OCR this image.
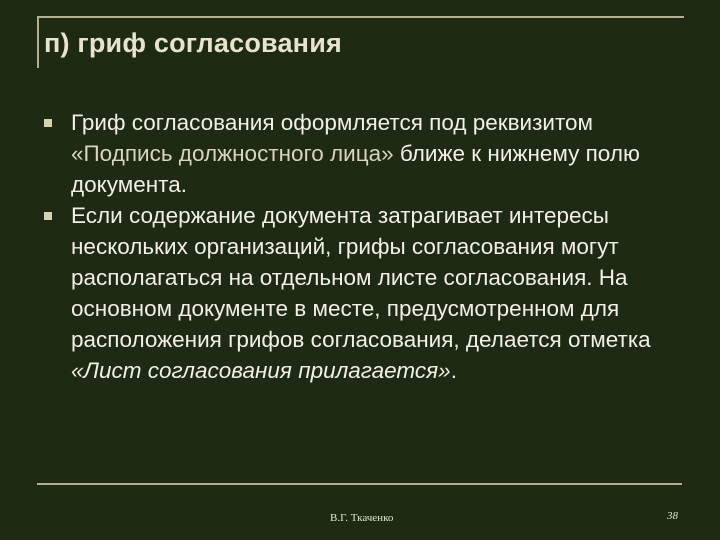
п) гриф согласования
Гриф согласования оформляется под реквизитом «Подпись должностного лица» ближе к нижнему полю документа.
Если содержание документа затрагивает интересы нескольких организаций, грифы согласования могут располагаться на отдельном листе согласования. На основном документе в месте, предусмотренном для расположения грифов согласования, делается отметка «Лист согласования прилагается».
В.Г. Ткаченко	38
